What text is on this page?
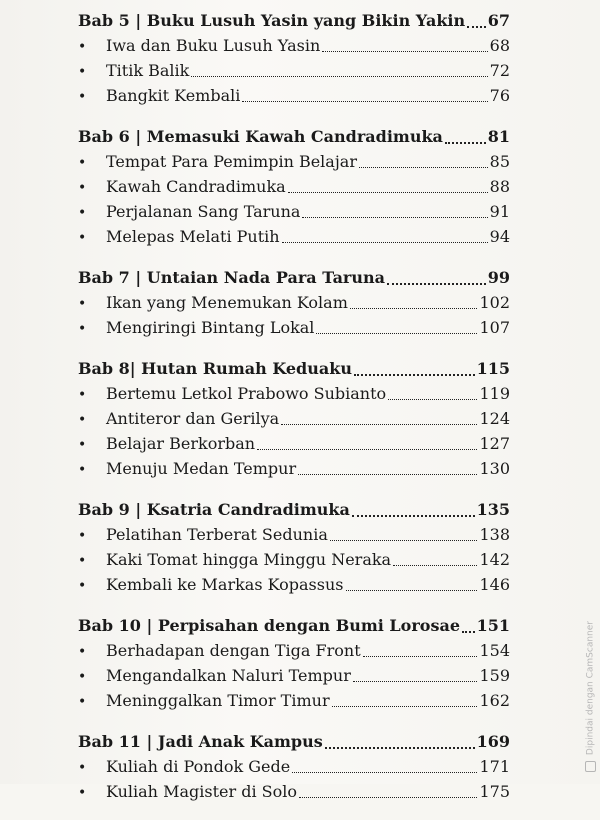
Bab 5 | Buku Lusuh Yasin yang Bikin Yakin 67
•	Iwa dan Buku Lusuh Yasin	68
•	Titik Balik	72
•	Bangkit Kembali	76
Bab 6 | Memasuki Kawah Candradimuka	81
•	Tempat Para Pemimpin Belajar	85
•	Kawah Candradimuka	88
•	Perjalanan Sang Taruna	91
•	Melepas Melati Putih	94
Bab 7 | Untaian Nada Para Taruna	99
•	Ikan yang Menemukan Kolam	102
•	Mengiringi Bintang Lokal	107
Bab 8| Hutan Rumah Keduaku	115
•	Bertemu Letkol Prabowo Subianto	119
•	Antiteror dan Gerilya	124
•	Belajar Berkorban	127
•	Menuju Medan Tempur	130
Bab 9 | Ksatria Candradimuka	135
•	Pelatihan Terberat Sedunia	138
•	Kaki Tomat hingga Minggu Neraka	142
•	Kembali ke Markas Kopassus	146
Bab 10 | Perpisahan dengan Bumi Lorosae 151
•	Berhadapan dengan Tiga Front	154
•	Mengandalkan Naluri Tempur	159
•	Meninggalkan Timor Timur	162
Bab 11 | Jadi Anak Kampus	169
•	Kuliah di Pondok Gede	171
•	Kuliah Magister di Solo	175
Dipindai dengan CamScanner
